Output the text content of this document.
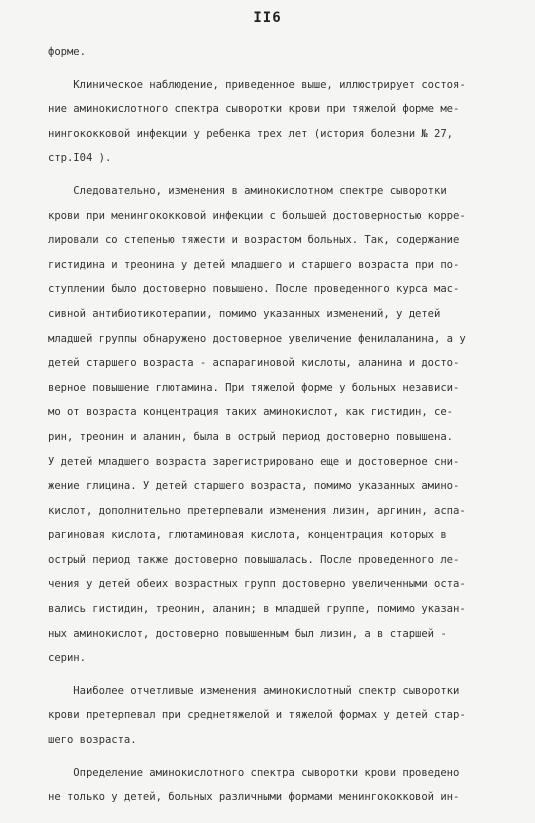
II6
форме.
Клиническое наблюдение, приведенное выше, иллюстрирует состоя-
ние аминокислотного спектра сыворотки крови при тяжелой форме ме-
нингококковой инфекции у ребенка трех лет (история болезни № 27,
стр.I04 ).
Следовательно, изменения в аминокислотном спектре сыворотки
крови при менингококковой инфекции с большей достоверностью корре-
лировали со степенью тяжести и возрастом больных. Так, содержание
гистидина и треонина у детей младшего и старшего возраста при по-
ступлении было достоверно повышено. После проведенного курса мас-
сивной антибиотикотерапии, помимо указанных изменений, у детей
младшей группы обнаружено достоверное увеличение фенилаланина, а у
детей старшего возраста - аспарагиновой кислоты, аланина и досто-
верное повышение глютамина. При тяжелой форме у больных независи-
мо от возраста концентрация таких аминокислот, как гистидин, се-
рин, треонин и аланин, была в острый период достоверно повышена.
У детей младшего возраста зарегистрировано еще и достоверное сни-
жение глицина. У детей старшего возраста, помимо указанных амино-
кислот, дополнительно претерпевали изменения лизин, аргинин, аспа-
рагиновая кислота, глютаминовая кислота, концентрация которых в
острый период также достоверно повышалась. После проведенного ле-
чения у детей обеих возрастных групп достоверно увеличенными оста-
вались гистидин, треонин, аланин; в младшей группе, помимо указан-
ных аминокислот, достоверно повышенным был лизин, а в старшей -
серин.
Наиболее отчетливые изменения аминокислотный спектр сыворотки
крови претерпевал при среднетяжелой и тяжелой формах у детей стар-
шего возраста.
Определение аминокислотного спектра сыворотки крови проведено
не только у детей, больных различными формами менингококковой ин-
